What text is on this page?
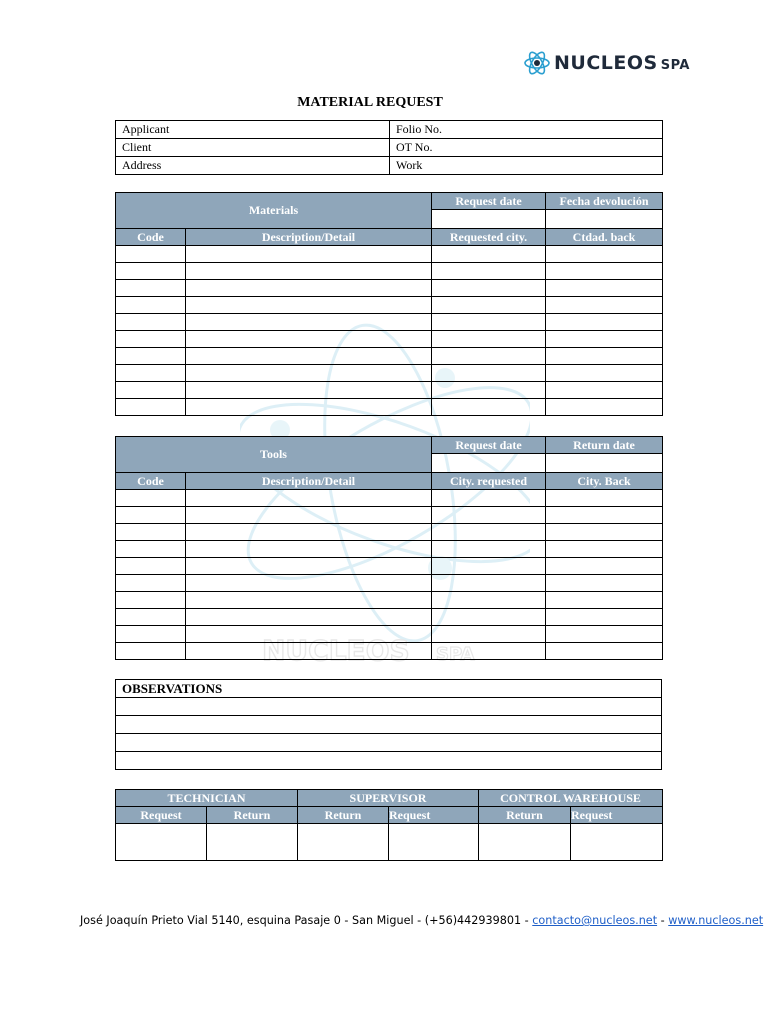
NUCLEOS SPA
MATERIAL REQUEST
Applicant	Folio No.
Client	OT No.
Address	Work
NUCLEOS SPA
Materials		Request date	Fecha devolución

Code	Description/Detail	Requested city.	Ctdad. back

Tools		Request date	Return date

Code	Description/Detail	City. requested	City. Back

OBSERVATIONS

TECHNICIAN		SUPERVISOR		CONTROL WAREHOUSE	
Request	Return	Return	Request	Return	Request

José Joaquín Prieto Vial 5140, esquina Pasaje 0 - San Miguel - (+56)442939801 - contacto@nucleos.net - www.nucleos.net
